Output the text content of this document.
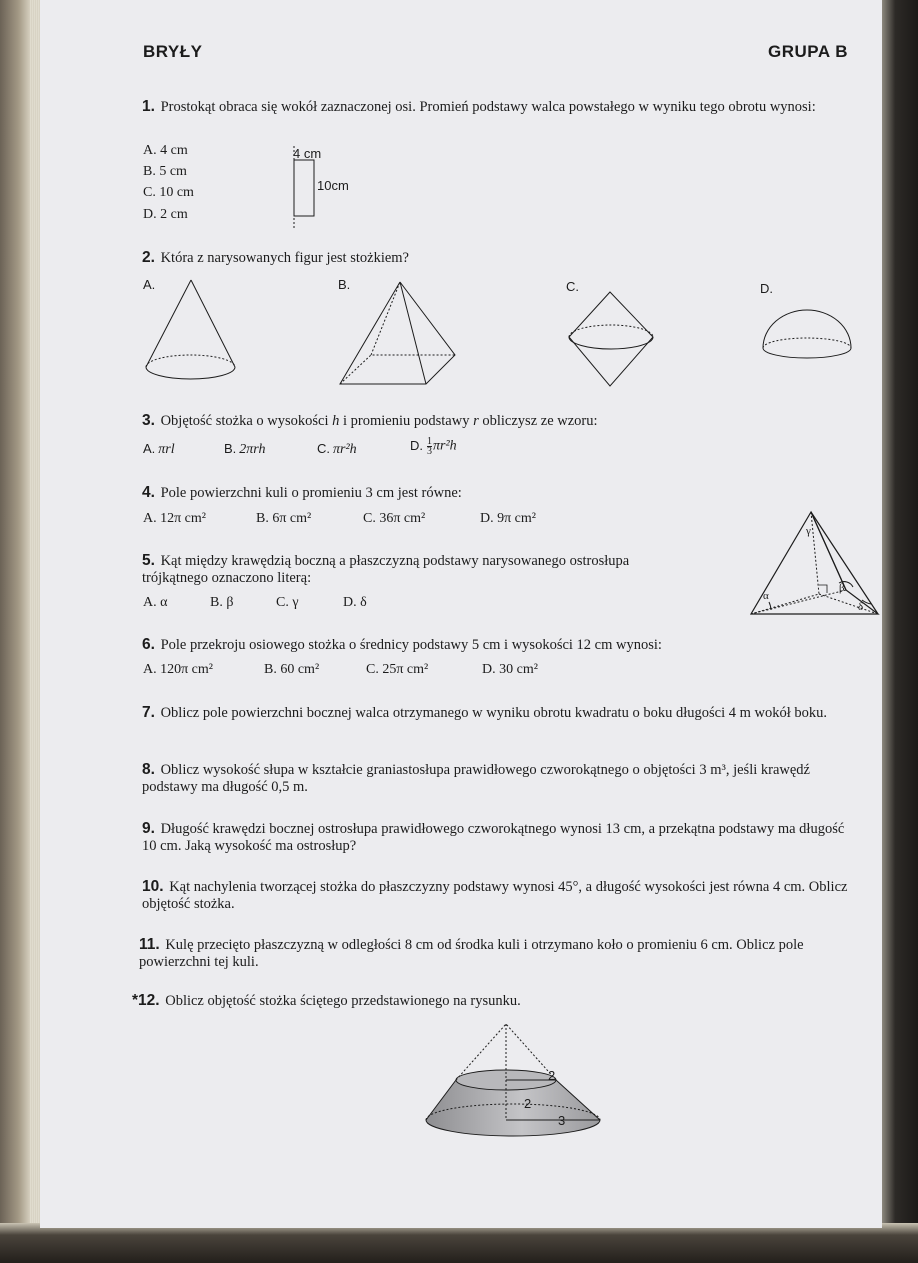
BRYŁY	GRUPA B
1. Prostokąt obraca się wokół zaznaczonej osi. Promień podstawy walca powstałego w wyniku tego obrotu wynosi:
A. 4 cm
B. 5 cm
C. 10 cm
D. 2 cm
4 cm
10cm
2. Która z narysowanych figur jest stożkiem?
A.	B.	C.	D.
3. Objętość stożka o wysokości h i promieniu podstawy r obliczysz ze wzoru:
A. πrl	B. 2πrh	C. πr²h	D. $\frac{1}{3} \pi r^2h$
4. Pole powierzchni kuli o promieniu 3 cm jest równe:
A. 12π cm²	B. 6π cm²	C. 36π cm²	D. 9π cm²
5. Kąt między krawędzią boczną a płaszczyzną podstawy narysowanego ostrosłupa trójkątnego oznaczono literą:
A. α	B. β	C. γ	D. δ	α
β
γ
δ
6. Pole przekroju osiowego stożka o średnicy podstawy 5 cm i wysokości 12 cm wynosi:
A. 120π cm²	B. 60 cm²	C. 25π cm²	D. 30 cm²
7. Oblicz pole powierzchni bocznej walca otrzymanego w wyniku obrotu kwadratu o boku długości 4 m wokół boku.
8. Oblicz wysokość słupa w kształcie graniastosłupa prawidłowego czworokątnego o objętości 3 m³, jeśli krawędź podstawy ma długość 0,5 m.
9. Długość krawędzi bocznej ostrosłupa prawidłowego czworokątnego wynosi 13 cm, a przekątna podstawy ma długość 10 cm. Jaką wysokość ma ostrosłup?
10. Kąt nachylenia tworzącej stożka do płaszczyzny podstawy wynosi 45°, a długość wysokości jest równa 4 cm. Oblicz objętość stożka.
11. Kulę przecięto płaszczyzną w odległości 8 cm od środka kuli i otrzymano koło o promieniu 6 cm. Oblicz pole powierzchni tej kuli.
*12. Oblicz objętość stożka ściętego przedstawionego na rysunku.
2
2
3
